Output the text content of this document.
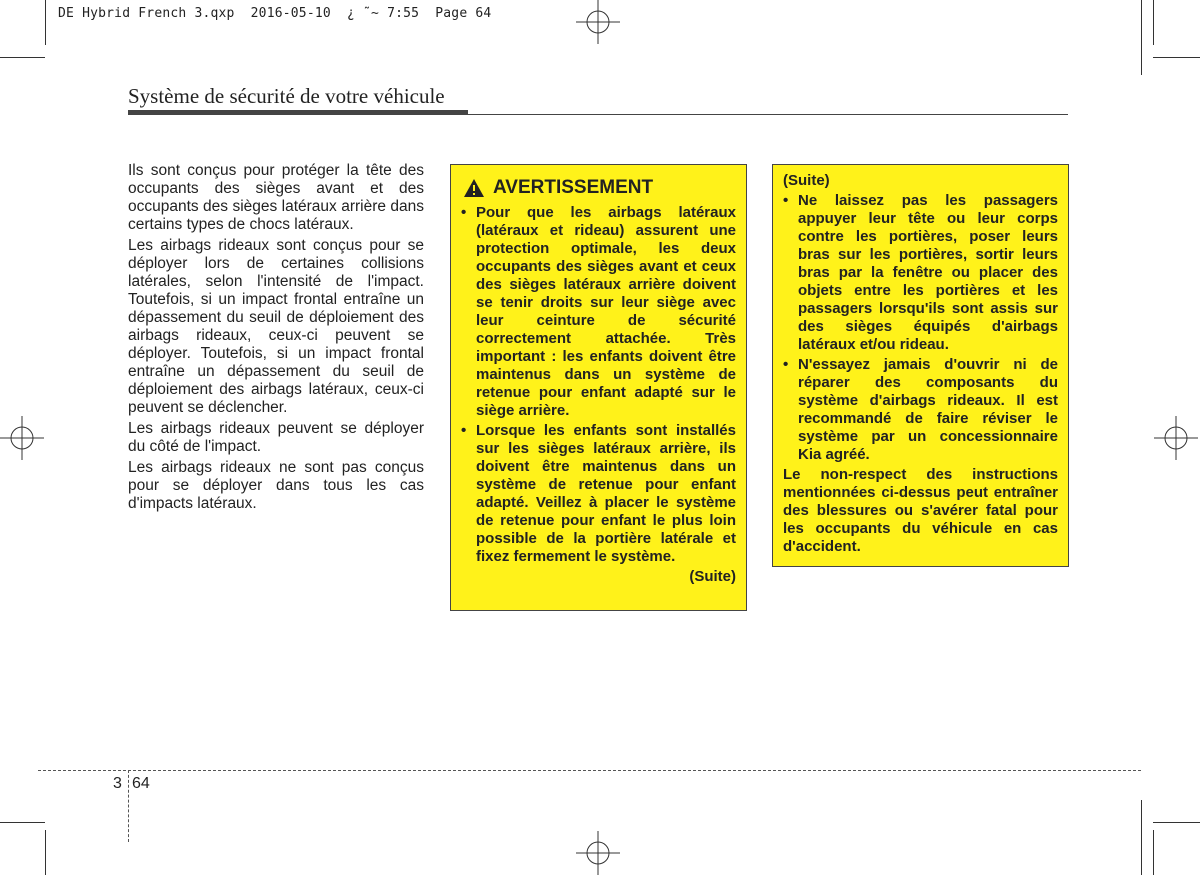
DE Hybrid French 3.qxp  2016-05-10  ¿ ˜~ 7:55  Page 64
Système de sécurité de votre véhicule

Ils sont conçus pour protéger la tête des occupants des sièges avant et des occupants des sièges latéraux arrière dans certains types de chocs latéraux.

Les airbags rideaux sont conçus pour se déployer lors de certaines collisions latérales, selon l'intensité de l'impact. Toutefois, si un impact frontal entraîne un dépassement du seuil de déploiement des airbags rideaux, ceux-ci peuvent se déployer. Toutefois, si un impact frontal entraîne un dépassement du seuil de déploiement des airbags latéraux, ceux-ci peuvent se déclencher.

Les airbags rideaux peuvent se déployer du côté de l'impact.

Les airbags rideaux ne sont pas conçus pour se déployer dans tous les cas d'impacts latéraux.

AVERTISSEMENT
• Pour que les airbags latéraux (latéraux et rideau) assurent une protection optimale, les deux occupants des sièges avant et ceux des sièges latéraux arrière doivent se tenir droits sur leur siège avec leur ceinture de sécurité correctement attachée. Très important : les enfants doivent être maintenus dans un système de retenue pour enfant adapté sur le siège arrière.
• Lorsque les enfants sont installés sur les sièges latéraux arrière, ils doivent être maintenus dans un système de retenue pour enfant adapté. Veillez à placer le système de retenue pour enfant le plus loin possible de la portière latérale et fixez fermement le système.
(Suite)
(Suite)
• Ne laissez pas les passagers appuyer leur tête ou leur corps contre les portières, poser leurs bras sur les portières, sortir leurs bras par la fenêtre ou placer des objets entre les portières et les passagers lorsqu'ils sont assis sur des sièges équipés d'airbags latéraux et/ou rideau.
• N'essayez jamais d'ouvrir ni de réparer des composants du système d'airbags rideaux. Il est recommandé de faire réviser le système par un concessionnaire Kia agréé.
Le non-respect des instructions mentionnées ci-dessus peut entraîner des blessures ou s'avérer fatal pour les occupants du véhicule en cas d'accident.
3 64
